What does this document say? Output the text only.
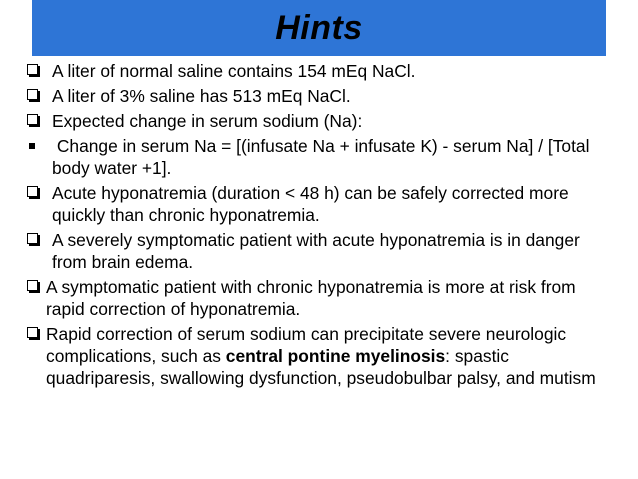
Hints
A liter of normal saline contains 154 mEq NaCl.
A liter of 3% saline has 513 mEq NaCl.
Expected change in serum sodium (Na):
Change in serum Na = [(infusate Na + infusate K) - serum Na] / [Total body water +1].
Acute hyponatremia (duration < 48 h) can be safely corrected more quickly than chronic hyponatremia.
A severely symptomatic patient with acute hyponatremia is in danger from brain edema.
A symptomatic patient with chronic hyponatremia is more at risk from rapid correction of hyponatremia.
Rapid correction of serum sodium can precipitate severe neurologic complications, such as central pontine myelinosis: spastic quadriparesis, swallowing dysfunction, pseudobulbar palsy, and mutism
